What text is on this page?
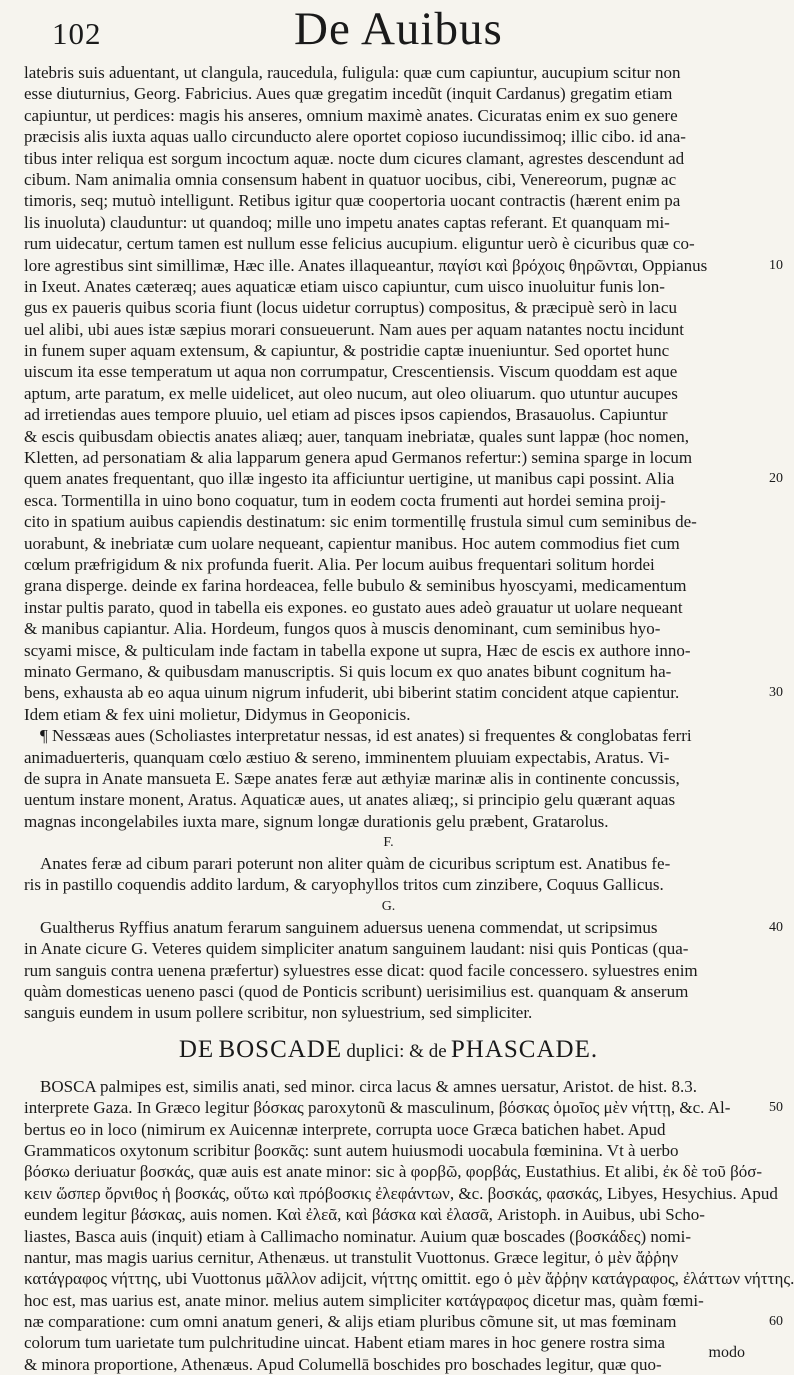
102	De Auibus
latebris suis aduentant, ut clangula, raucedula, fuligula: quæ cum capiuntur, aucupium scitur non
esse diuturnius, Georg. Fabricius. Aues quæ gregatim incedũt (inquit Cardanus) gregatim etiam
capiuntur, ut perdices: magis his anseres, omnium maximè anates. Cicuratas enim ex suo genere
præcisis alis iuxta aquas uallo circunducto alere oportet copioso iucundissimoq; illic cibo. id ana-
tibus inter reliqua est sorgum incoctum aquæ. nocte dum cicures clamant, agrestes descendunt ad
cibum. Nam animalia omnia consensum habent in quatuor uocibus, cibi, Venereorum, pugnæ ac
timoris, seq; mutuò intelligunt. Retibus igitur quæ coopertoria uocant contractis (hærent enim pa
lis inuoluta) clauduntur: ut quandoq; mille uno impetu anates captas referant. Et quanquam mi-
rum uidecatur, certum tamen est nullum esse felicius aucupium. eliguntur uerò è cicuribus quæ co-
lore agrestibus sint simillimæ, Hæc ille. Anates illaqueantur, παγίσι καὶ βρόχοις θηρῶνται, Oppianus	10
in Ixeut. Anates cæteræq; aues aquaticæ etiam uisco capiuntur, cum uisco inuoluitur funis lon-
gus ex paueris quibus scoria fiunt (locus uidetur corruptus) compositus, & præcipuè serò in lacu
uel alibi, ubi aues istæ sæpius morari consueuerunt. Nam aues per aquam natantes noctu incidunt
in funem super aquam extensum, & capiuntur, & postridie captæ inueniuntur. Sed oportet hunc
uiscum ita esse temperatum ut aqua non corrumpatur, Crescentiensis. Viscum quoddam est aque
aptum, arte paratum, ex melle uidelicet, aut oleo nucum, aut oleo oliuarum. quo utuntur aucupes
ad irretiendas aues tempore pluuio, uel etiam ad pisces ipsos capiendos, Brasauolus. Capiuntur
& escis quibusdam obiectis anates aliæq; auer, tanquam inebriatæ, quales sunt lappæ (hoc nomen,
Kletten, ad personatiam & alia lapparum genera apud Germanos refertur:) semina sparge in locum
quem anates frequentant, quo illæ ingesto ita afficiuntur uertigine, ut manibus capi possint. Alia	20
esca. Tormentilla in uino bono coquatur, tum in eodem cocta frumenti aut hordei semina proij-
cito in spatium auibus capiendis destinatum: sic enim tormentillę frustula simul cum seminibus de-
uorabunt, & inebriatæ cum uolare nequeant, capientur manibus. Hoc autem commodius fiet cum
cœlum præfrigidum & nix profunda fuerit. Alia. Per locum auibus frequentari solitum hordei
grana disperge. deinde ex farina hordeacea, felle bubulo & seminibus hyoscyami, medicamentum
instar pultis parato, quod in tabella eis expones. eo gustato aues adeò grauatur ut uolare nequeant
& manibus capiantur. Alia. Hordeum, fungos quos à muscis denominant, cum seminibus hyo-
scyami misce, & pulticulam inde factam in tabella expone ut supra, Hæc de escis ex authore inno-
minato Germano, & quibusdam manuscriptis. Si quis locum ex quo anates bibunt cognitum ha-
bens, exhausta ab eo aqua uinum nigrum infuderit, ubi biberint statim concident atque capientur.	30
Idem etiam & fex uini molietur, Didymus in Geoponicis.
¶ Nessæas aues (Scholiastes interpretatur nessas, id est anates) si frequentes & conglobatas ferri
animaduerteris, quanquam cœlo æstiuo & sereno, imminentem pluuiam expectabis, Aratus. Vi-
de supra in Anate mansueta E. Sæpe anates feræ aut æthyiæ marinæ alis in continente concussis,
uentum instare monent, Aratus. Aquaticæ aues, ut anates aliæq;, si principio gelu quærant aquas
magnas incongelabiles iuxta mare, signum longæ durationis gelu præbent, Gratarolus.
F.
Anates feræ ad cibum parari poterunt non aliter quàm de cicuribus scriptum est. Anatibus fe-
ris in pastillo coquendis addito lardum, & caryophyllos tritos cum zinzibere, Coquus Gallicus.
G.
Gualtherus Ryffius anatum ferarum sanguinem aduersus uenena commendat, ut scripsimus	40
in Anate cicure G. Veteres quidem simpliciter anatum sanguinem laudant: nisi quis Ponticas (qua-
rum sanguis contra uenena præfertur) syluestres esse dicat: quod facile concessero. syluestres enim
quàm domesticas ueneno pasci (quod de Ponticis scribunt) uerisimilius est. quanquam & anserum
sanguis eundem in usum pollere scribitur, non syluestrium, sed simpliciter.
DE BOSCADE duplici: & de PHASCADE.
BOSCA palmipes est, similis anati, sed minor. circa lacus & amnes uersatur, Aristot. de hist. 8.3.
interprete Gaza. In Græco legitur βόσκας paroxytonũ & masculinum, βόσκας ὁμοῖος μὲν νήττῃ, &c. Al-	50
bertus eo in loco (nimirum ex Auicennæ interprete, corrupta uoce Græca batichen habet. Apud
Grammaticos oxytonum scribitur βοσκᾶς: sunt autem huiusmodi uocabula fœminina. Vt à uerbo
βόσκω deriuatur βοσκάς, quæ auis est anate minor: sic à φορβῶ, φορβάς, Eustathius. Et alibi, ἐκ δὲ τοῦ βόσ-
κειν ὥσπερ ὄρνιθος ἡ βοσκάς, οὕτω καὶ πρόβοσκις ἐλεφάντων, &c. βοσκάς, φασκάς, Libyes, Hesychius. Apud
eundem legitur βάσκας, auis nomen. Καὶ ἐλεᾶ, καὶ βάσκα καὶ ἐλασᾶ, Aristoph. in Auibus, ubi Scho-
liastes, Basca auis (inquit) etiam à Callimacho nominatur. Auium quæ boscades (βοσκάδες) nomi-
nantur, mas magis uarius cernitur, Athenæus. ut transtulit Vuottonus. Græce legitur, ὁ μὲν ἄῤῥην
κατάγραφος νήττης, ubi Vuottonus μᾶλλον adijcit, νήττης omittit. ego ὁ μὲν ἄῤῥην κατάγραφος, ἐλάττων νήττης.
hoc est, mas uarius est, anate minor. melius autem simpliciter κατάγραφος dicetur mas, quàm fœmi-
næ comparatione: cum omni anatum generi, & alijs etiam pluribus cõmune sit, ut mas fœminam	60
colorum tum uarietate tum pulchritudine uincat. Habent etiam mares in hoc genere rostra sima
& minora proportione, Athenæus. Apud Columellā boschides pro boschades legitur, quæ quo-
modo
